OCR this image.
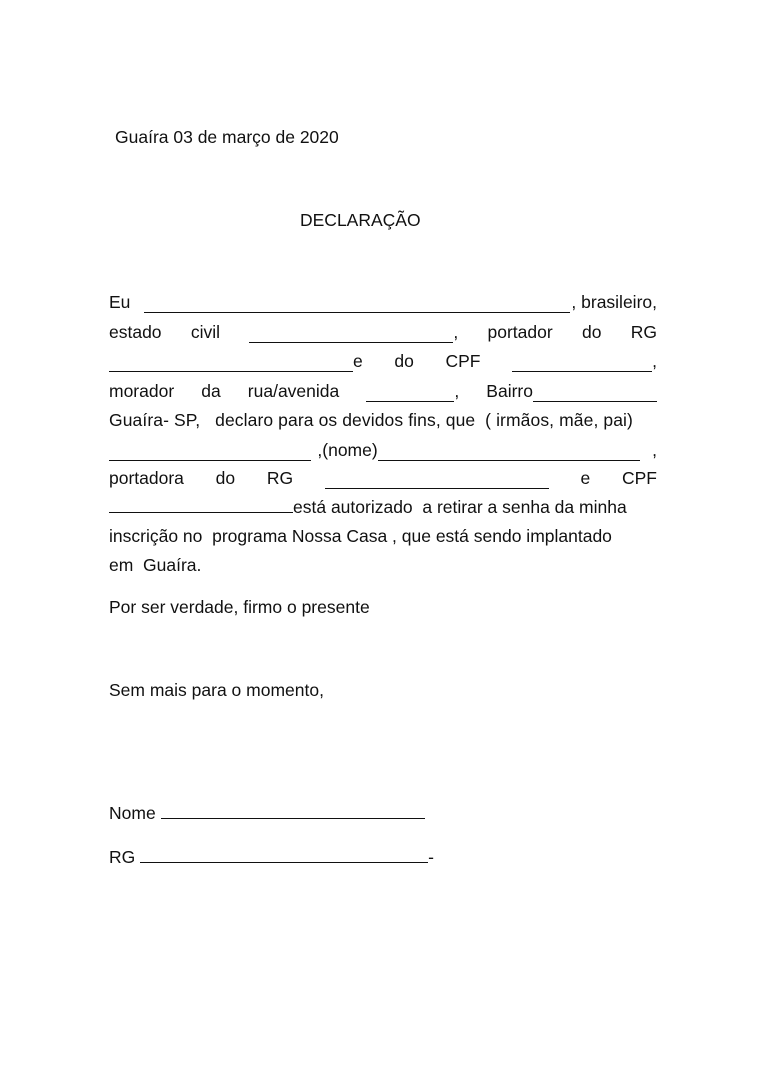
Guaíra 03 de março de 2020
DECLARAÇÃO
Eu	, brasileiro,
estado civil	, portador do RG
e do CPF	,
morador da rua/avenida	, Bairro
Guaíra- SP,   declaro para os devidos fins, que  ( irmãos, mãe, pai)
,(nome)	,
portadora do RG	e CPF
está autorizado  a retirar a senha da minha
inscrição no  programa Nossa Casa , que está sendo implantado
em  Guaíra.
Por ser verdade, firmo o presente
Sem mais para o momento,
Nome
RG	-
